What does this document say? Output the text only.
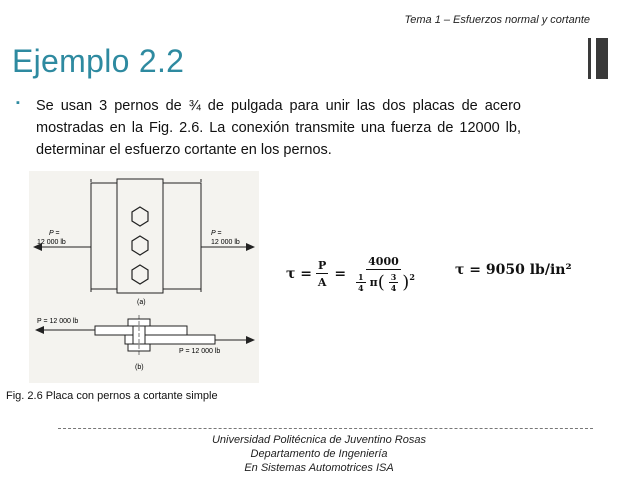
Tema 1 – Esfuerzos normal y cortante
Ejemplo 2.2
▪ Se usan 3 pernos de ¾ de pulgada para unir las dos placas de acero mostradas en la Fig. 2.6. La conexión transmite una fuerza de 12000 lb, determinar el esfuerzo cortante en los pernos.

P =
12 000 lb
P =
12 000 lb
(a)
P = 12 000 lb
P = 12 000 lb
(b)
Fig. 2.6 Placa con pernos a cortante simple
$\tau = \frac{P}{A}$ =
4000
$\frac{1}{4}$ π ( $\frac{3}{4}$ ) 2	τ = 9050 lb/in²
Universidad Politécnica de Juventino Rosas
Departamento de Ingeniería
En Sistemas Automotrices ISA
